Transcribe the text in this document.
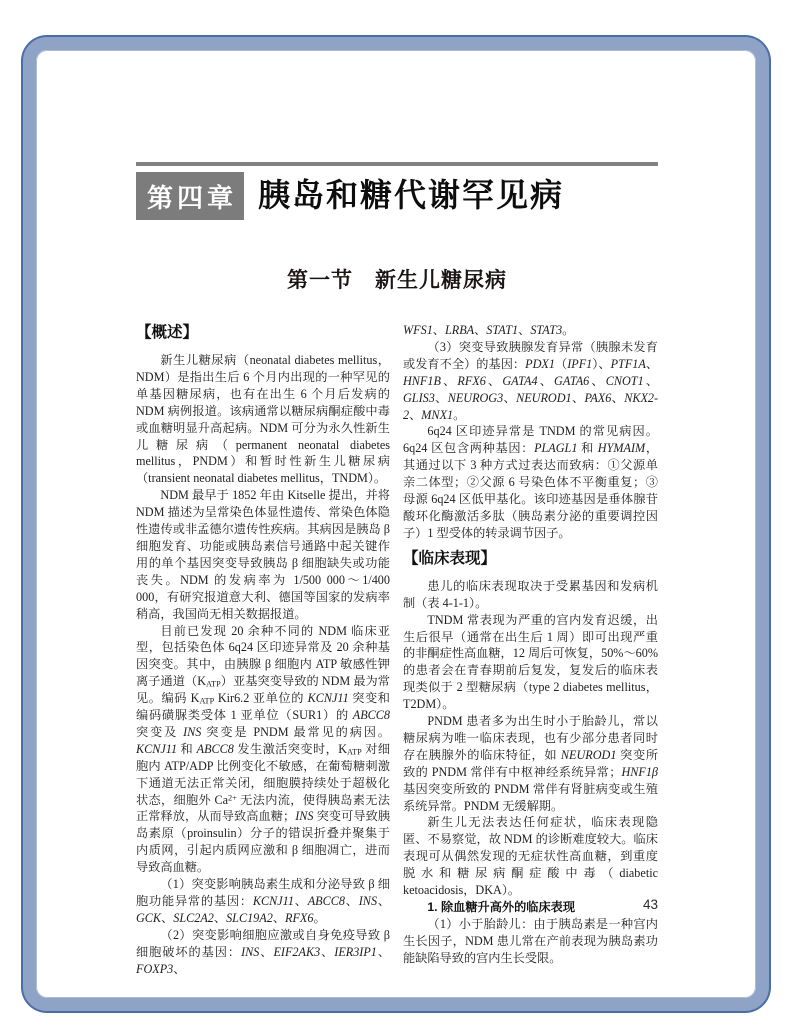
第四章 胰岛和糖代谢罕见病
第一节　新生儿糖尿病
【概述】

新生儿糖尿病（neonatal diabetes mellitus，NDM）是指出生后 6 个月内出现的一种罕见的单基因糖尿病，也有在出生 6 个月后发病的 NDM 病例报道。该病通常以糖尿病酮症酸中毒或血糖明显升高起病。NDM 可分为永久性新生儿糖尿病（permanent neonatal diabetes mellitus，PNDM）和暂时性新生儿糖尿病（transient neonatal diabetes mellitus，TNDM）。

NDM 最早于 1852 年由 Kitselle 提出，并将 NDM 描述为呈常染色体显性遗传、常染色体隐性遗传或非孟德尔遗传性疾病。其病因是胰岛 β 细胞发育、功能或胰岛素信号通路中起关键作用的单个基因突变导致胰岛 β 细胞缺失或功能丧失。NDM 的发病率为 1/500 000～1/400 000，有研究报道意大利、德国等国家的发病率稍高，我国尚无相关数据报道。

目前已发现 20 余种不同的 NDM 临床亚型，包括染色体 6q24 区印迹异常及 20 余种基因突变。其中，由胰腺 β 细胞内 ATP 敏感性钾离子通道$(K_{ATP})$亚基突变导致的 NDM 最为常见。编码 $K_{ATP}$ Kir6.2 亚单位的 KCNJ11 突变和编码磺脲类受体 1 亚单位（SUR1）的 ABCC8 突变及 INS 突变是 PNDM 最常见的病因。KCNJ11 和 ABCC8 发生激活突变时，$K_{ATP}$ 对细胞内 ATP/ADP 比例变化不敏感，在葡萄糖刺激下通道无法正常关闭，细胞膜持续处于超极化状态，细胞外 $Ca^{2+}$ 无法内流，使得胰岛素无法正常释放，从而导致高血糖；INS 突变可导致胰岛素原（proinsulin）分子的错误折叠并聚集于内质网，引起内质网应激和 β 细胞凋亡，进而导致高血糖。

（1）突变影响胰岛素生成和分泌导致 β 细胞功能异常的基因：KCNJ11、ABCC8、INS、GCK、SLC2A2、SLC19A2、RFX6。

（2）突变影响细胞应激或自身免疫导致 β 细胞破坏的基因：INS、EIF2AK3、IER3IP1、FOXP3、

WFS1、LRBA、STAT1、STAT3。

（3）突变导致胰腺发育异常（胰腺未发育或发育不全）的基因：PDX1（IPF1）、PTF1A、HNF1B、RFX6、GATA4、GATA6、CNOT1、GLIS3、NEUROG3、NEUROD1、PAX6、NKX2-2、MNX1。

6q24 区印迹异常是 TNDM 的常见病因。6q24 区包含两种基因：PLAGL1 和 HYMAIM，其通过以下 3 种方式过表达而致病：①父源单亲二体型；②父源 6 号染色体不平衡重复；③母源 6q24 区低甲基化。该印迹基因是垂体腺苷酸环化酶激活多肽（胰岛素分泌的重要调控因子）1 型受体的转录调节因子。

【临床表现】

患儿的临床表现取决于受累基因和发病机制（表 4-1-1）。

TNDM 常表现为严重的宫内发育迟缓，出生后很早（通常在出生后 1 周）即可出现严重的非酮症性高血糖，12 周后可恢复，50%～60% 的患者会在青春期前后复发，复发后的临床表现类似于 2 型糖尿病（type 2 diabetes mellitus，T2DM）。

PNDM 患者多为出生时小于胎龄儿，常以糖尿病为唯一临床表现，也有少部分患者同时存在胰腺外的临床特征，如 NEUROD1 突变所致的 PNDM 常伴有中枢神经系统异常；HNF1β 基因突变所致的 PNDM 常伴有肾脏病变或生殖系统异常。PNDM 无缓解期。

新生儿无法表达任何症状，临床表现隐匿、不易察觉，故 NDM 的诊断难度较大。临床表现可从偶然发现的无症状性高血糖，到重度脱水和糖尿病酮症酸中毒（diabetic ketoacidosis，DKA）。

1. 除血糖升高外的临床表现

（1）小于胎龄儿：由于胰岛素是一种宫内生长因子，NDM 患儿常在产前表现为胰岛素功能缺陷导致的宫内生长受限。

43
